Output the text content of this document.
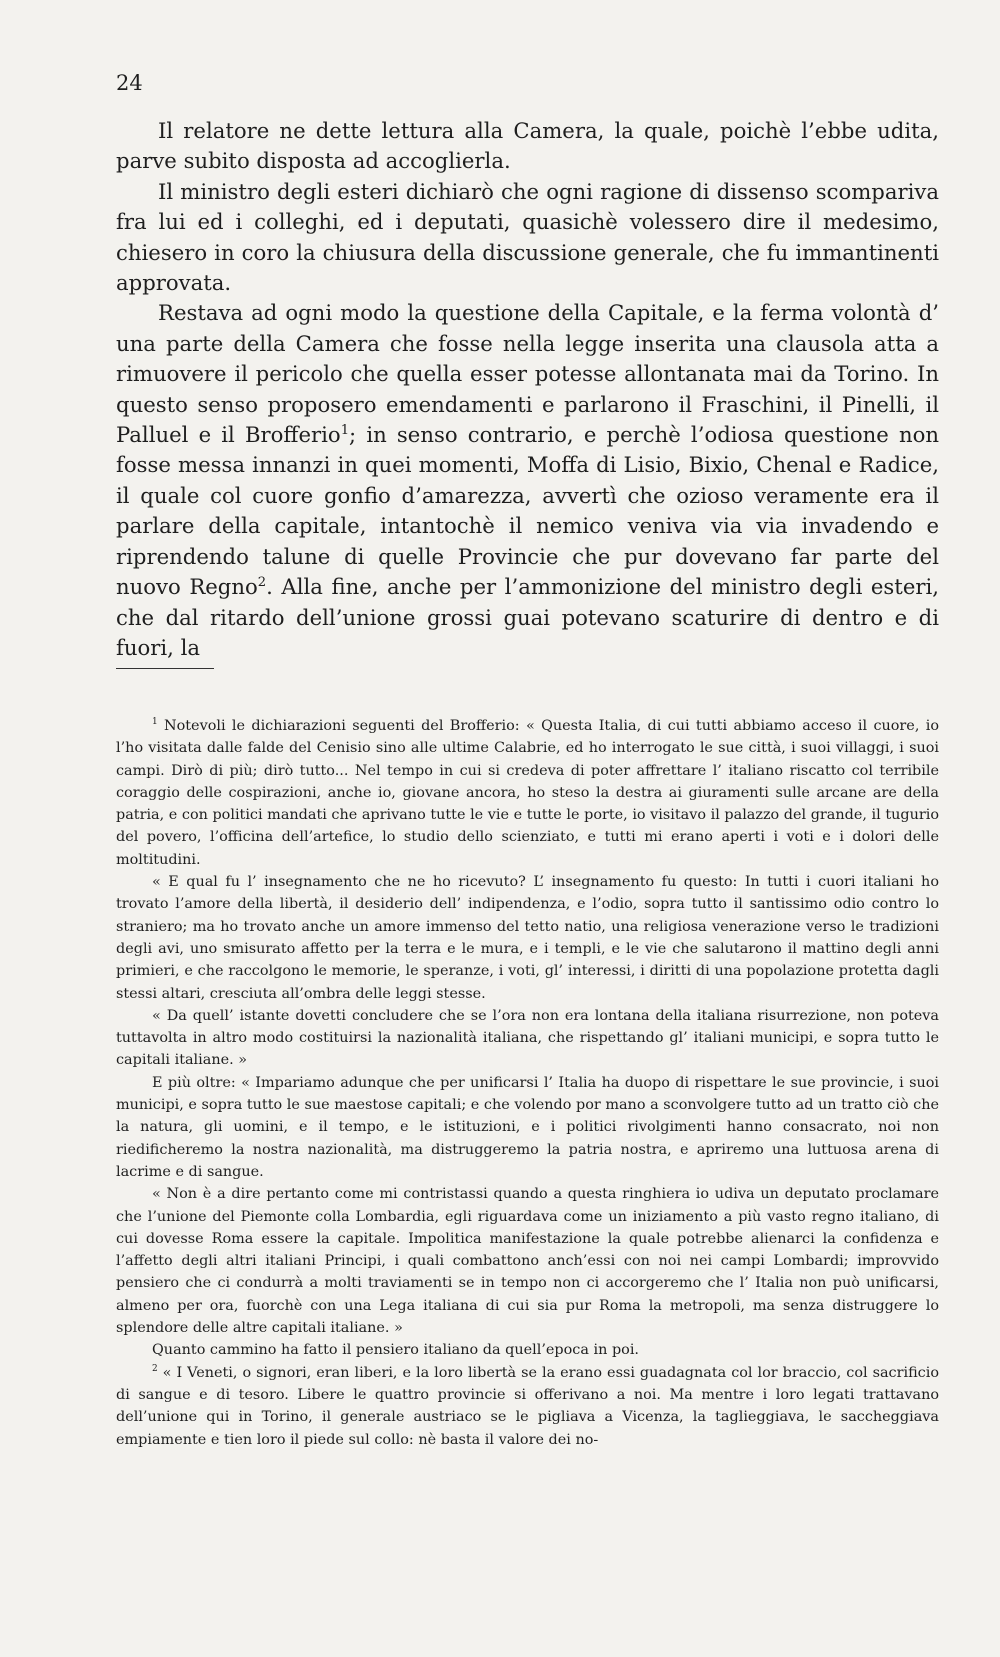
24

Il relatore ne dette lettura alla Camera, la quale, poichè l’ebbe udita, parve subito disposta ad accoglierla.

Il ministro degli esteri dichiarò che ogni ragione di dissenso scompariva fra lui ed i colleghi, ed i deputati, quasichè volessero dire il medesimo, chiesero in coro la chiusura della discussione generale, che fu immantinenti approvata.

Restava ad ogni modo la questione della Capitale, e la ferma volontà d’ una parte della Camera che fosse nella legge inserita una clausola atta a rimuovere il pericolo che quella esser potesse allontanata mai da Torino. In questo senso proposero emendamenti e parlarono il Fraschini, il Pinelli, il Palluel e il Brofferio$^1$; in senso contrario, e perchè l’odiosa questione non fosse messa innanzi in quei momenti, Moffa di Lisio, Bixio, Chenal e Radice, il quale col cuore gonfio d’amarezza, avvertì che ozioso veramente era il parlare della capitale, intantochè il nemico veniva via via invadendo e riprendendo talune di quelle Provincie che pur dovevano far parte del nuovo Regno$^2$. Alla fine, anche per l’ammonizione del ministro degli esteri, che dal ritardo dell’unione grossi guai potevano scaturire di dentro e di fuori, la

$^1$ Notevoli le dichiarazioni seguenti del Brofferio: « Questa Italia, di cui tutti abbiamo acceso il cuore, io l’ho visitata dalle falde del Cenisio sino alle ultime Calabrie, ed ho interrogato le sue città, i suoi villaggi, i suoi campi. Dirò di più; dirò tutto... Nel tempo in cui si credeva di poter affrettare l’ italiano riscatto col terribile coraggio delle cospirazioni, anche io, giovane ancora, ho steso la destra ai giuramenti sulle arcane are della patria, e con politici mandati che aprivano tutte le vie e tutte le porte, io visitavo il palazzo del grande, il tugurio del povero, l’officina dell’artefice, lo studio dello scienziato, e tutti mi erano aperti i voti e i dolori delle moltitudini.

« E qual fu l’ insegnamento che ne ho ricevuto? L’ insegnamento fu questo: In tutti i cuori italiani ho trovato l’amore della libertà, il desiderio dell’ indipendenza, e l’odio, sopra tutto il santissimo odio contro lo straniero; ma ho trovato anche un amore immenso del tetto natio, una religiosa venerazione verso le tradizioni degli avi, uno smisurato affetto per la terra e le mura, e i templi, e le vie che salutarono il mattino degli anni primieri, e che raccolgono le memorie, le speranze, i voti, gl’ interessi, i diritti di una popolazione protetta dagli stessi altari, cresciuta all’ombra delle leggi stesse.

« Da quell’ istante dovetti concludere che se l’ora non era lontana della italiana risurrezione, non poteva tuttavolta in altro modo costituirsi la nazionalità italiana, che rispettando gl’ italiani municipi, e sopra tutto le capitali italiane. »

E più oltre: « Impariamo adunque che per unificarsi l’ Italia ha duopo di rispettare le sue provincie, i suoi municipi, e sopra tutto le sue maestose capitali; e che volendo por mano a sconvolgere tutto ad un tratto ciò che la natura, gli uomini, e il tempo, e le istituzioni, e i politici rivolgimenti hanno consacrato, noi non riedificheremo la nostra nazionalità, ma distruggeremo la patria nostra, e apriremo una luttuosa arena di lacrime e di sangue.

« Non è a dire pertanto come mi contristassi quando a questa ringhiera io udiva un deputato proclamare che l’unione del Piemonte colla Lombardia, egli riguardava come un iniziamento a più vasto regno italiano, di cui dovesse Roma essere la capitale. Impolitica manifestazione la quale potrebbe alienarci la confidenza e l’affetto degli altri italiani Principi, i quali combattono anch’essi con noi nei campi Lombardi; improvvido pensiero che ci condurrà a molti traviamenti se in tempo non ci accorgeremo che l’ Italia non può unificarsi, almeno per ora, fuorchè con una Lega italiana di cui sia pur Roma la metropoli, ma senza distruggere lo splendore delle altre capitali italiane. »

Quanto cammino ha fatto il pensiero italiano da quell’epoca in poi.

$^2$ « I Veneti, o signori, eran liberi, e la loro libertà se la erano essi guadagnata col lor braccio, col sacrificio di sangue e di tesoro. Libere le quattro provincie si offerivano a noi. Ma mentre i loro legati trattavano dell’unione qui in Torino, il generale austriaco se le pigliava a Vicenza, la taglieggiava, le saccheggiava empiamente e tien loro il piede sul collo: nè basta il valore dei no-
